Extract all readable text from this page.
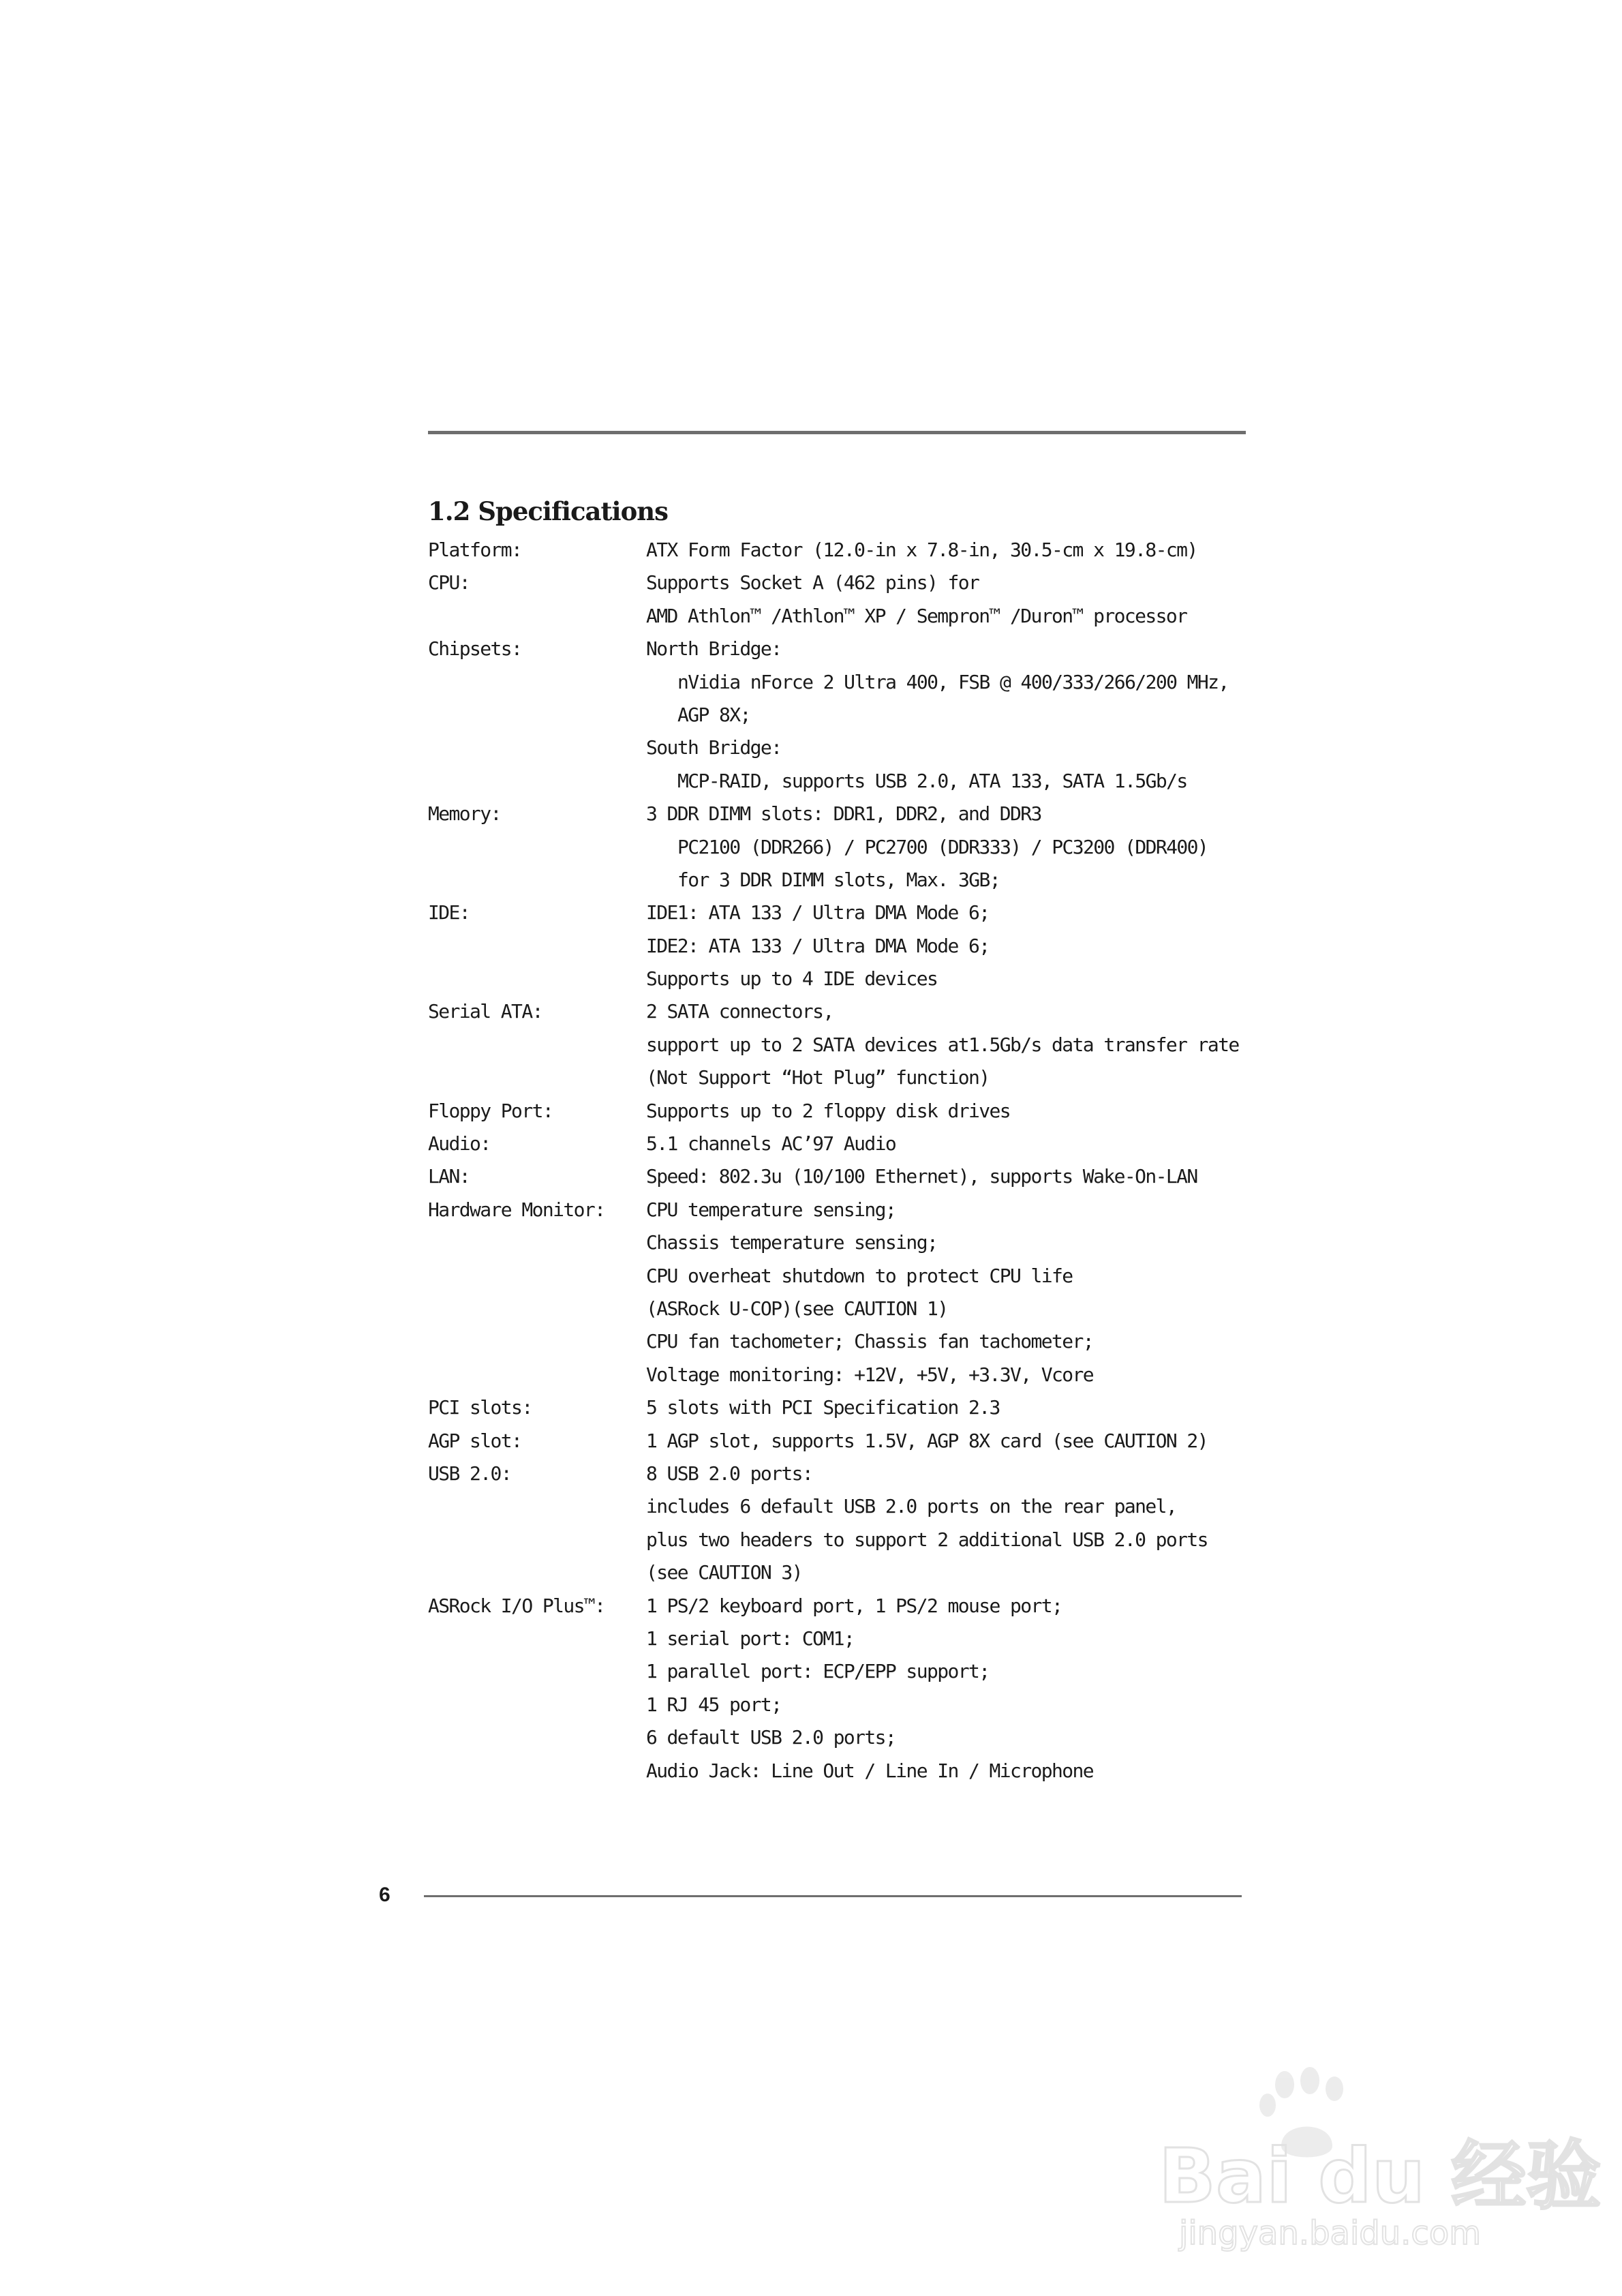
1.2 Specifications
Platform:	ATX Form Factor (12.0-in x 7.8-in, 30.5-cm x 19.8-cm)
CPU:	Supports Socket A (462 pins) for
AMD Athlon™ /Athlon™ XP / Sempron™ /Duron™ processor
Chipsets:	North Bridge:
nVidia nForce 2 Ultra 400, FSB @ 400/333/266/200 MHz,
AGP 8X;
South Bridge:
MCP-RAID, supports USB 2.0, ATA 133, SATA 1.5Gb/s
Memory:	3 DDR DIMM slots: DDR1, DDR2, and DDR3
PC2100 (DDR266) / PC2700 (DDR333) / PC3200 (DDR400)
for 3 DDR DIMM slots, Max. 3GB;
IDE:	IDE1: ATA 133 / Ultra DMA Mode 6;
IDE2: ATA 133 / Ultra DMA Mode 6;
Supports up to 4 IDE devices
Serial ATA:	2 SATA connectors,
support up to 2 SATA devices at1.5Gb/s data transfer rate
(Not Support “Hot Plug” function)
Floppy Port:	Supports up to 2 floppy disk drives
Audio:	5.1 channels AC’97 Audio
LAN:	Speed: 802.3u (10/100 Ethernet), supports Wake-On-LAN
Hardware Monitor:	CPU temperature sensing;
Chassis temperature sensing;
CPU overheat shutdown to protect CPU life
(ASRock U-COP)(see CAUTION 1)
CPU fan tachometer; Chassis fan tachometer;
Voltage monitoring: +12V, +5V, +3.3V, Vcore
PCI slots:	5 slots with PCI Specification 2.3
AGP slot:	1 AGP slot, supports 1.5V, AGP 8X card (see CAUTION 2)
USB 2.0:	8 USB 2.0 ports:
includes 6 default USB 2.0 ports on the rear panel,
plus two headers to support 2 additional USB 2.0 ports
(see CAUTION 3)
ASRock I/O Plus™:	1 PS/2 keyboard port, 1 PS/2 mouse port;
1 serial port: COM1;
1 parallel port: ECP/EPP support;
1 RJ 45 port;
6 default USB 2.0 ports;
Audio Jack: Line Out / Line In / Microphone
6
Bai du 经验
jingyan.baidu.com
